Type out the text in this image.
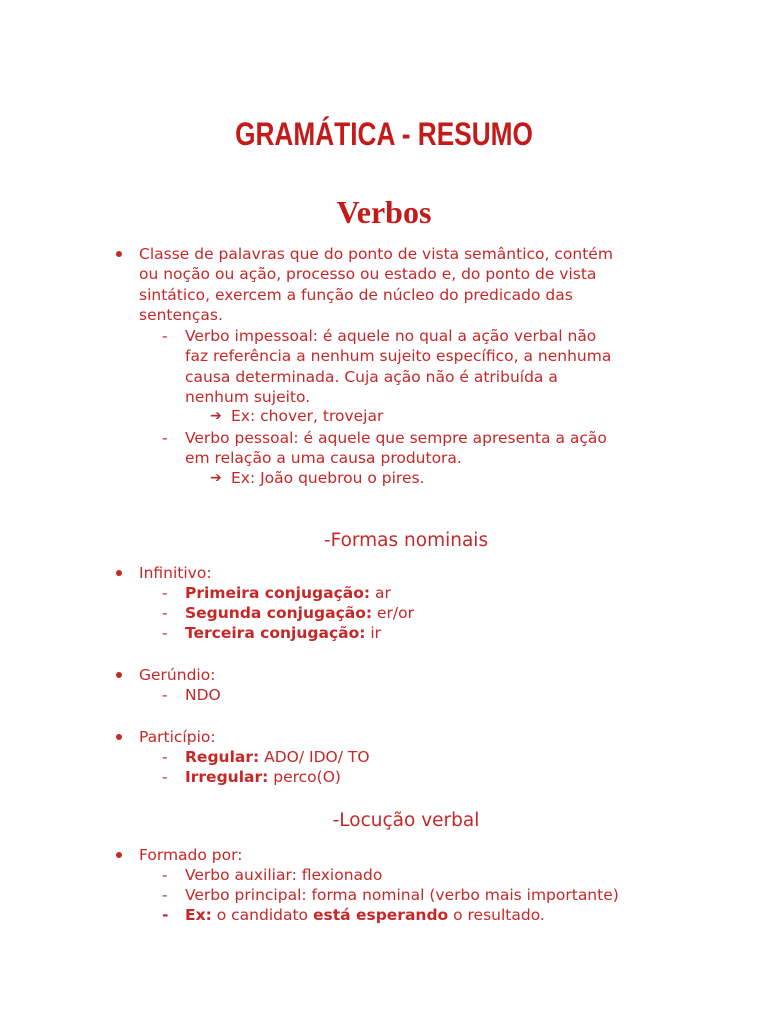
GRAMÁTICA - RESUMO
Verbos
Classe de palavras que do ponto de vista semântico, contém
ou noção ou ação, processo ou estado e, do ponto de vista
sintático, exercem a função de núcleo do predicado das
sentenças.
- Verbo impessoal: é aquele no qual a ação verbal não
faz referência a nenhum sujeito específico, a nenhuma
causa determinada. Cuja ação não é atribuída a
nenhum sujeito.
➔ Ex: chover, trovejar
- Verbo pessoal: é aquele que sempre apresenta a ação
em relação a uma causa produtora.
➔ Ex: João quebrou o pires.
-Formas nominais
Infinitivo:
- Primeira conjugação: ar
- Segunda conjugação: er/or
- Terceira conjugação: ir
Gerúndio:
- NDO
Particípio:
- Regular: ADO/ IDO/ TO
- Irregular: perco(O)
-Locução verbal
Formado por:
- Verbo auxiliar: flexionado
- Verbo principal: forma nominal (verbo mais importante)
- Ex: o candidato está esperando o resultado.
